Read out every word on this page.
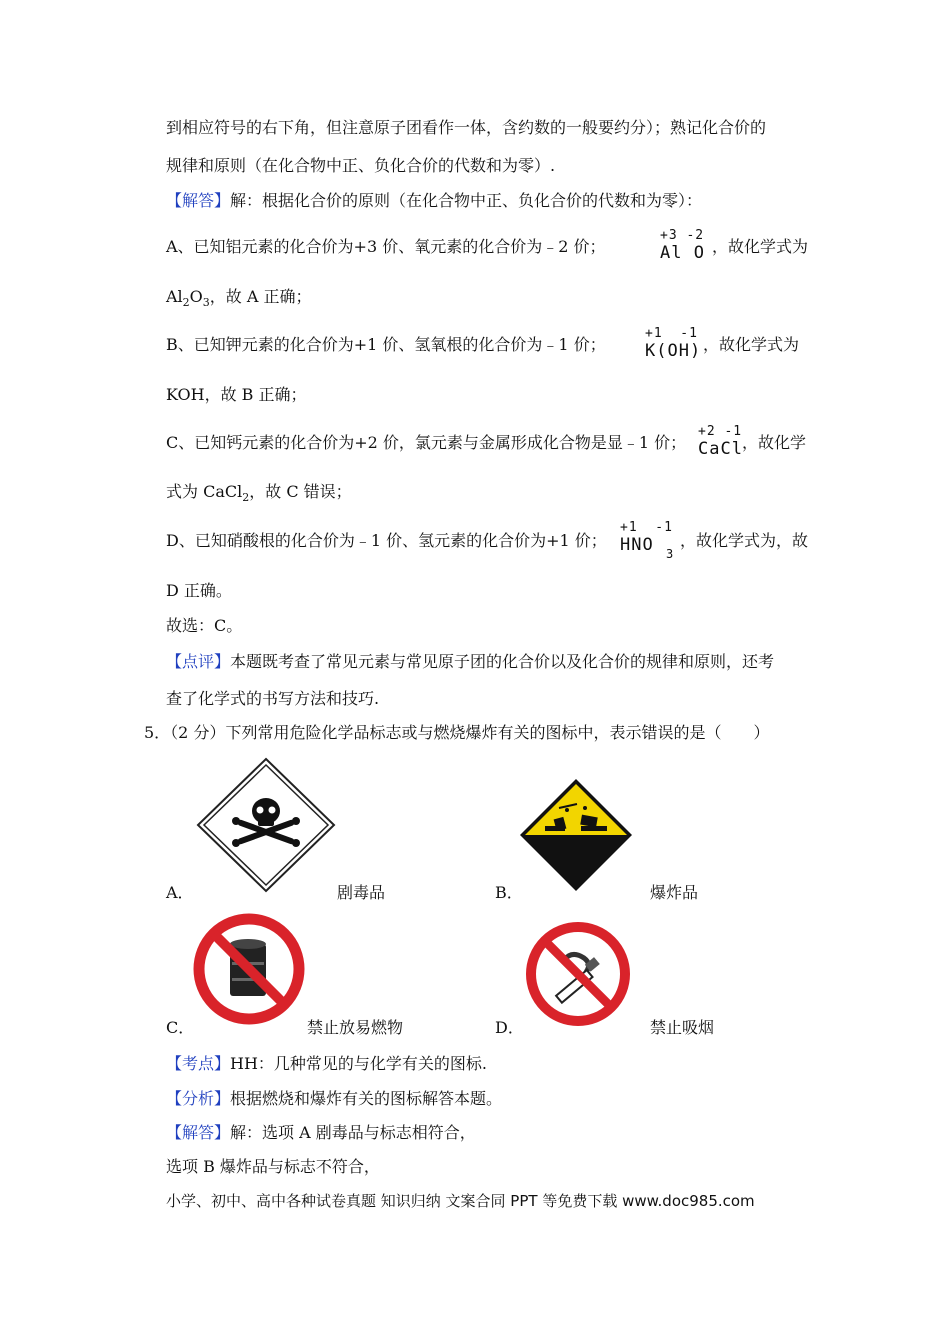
到相应符号的右下角，但注意原子团看作一体，含约数的一般要约分）；熟记化合价的
规律和原则（在化合物中正、负化合价的代数和为零）.
【解答】解：根据化合价的原则（在化合物中正、负化合价的代数和为零）：
A、已知铝元素的化合价为+3 价、氧元素的化合价为﹣2 价；
+3 -2
Al O ，故化学式为
$Al_2O_3$，故 A 正确；
B、已知钾元素的化合价为+1 价、氢氧根的化合价为﹣1 价；
+1  -1
K(OH) ，故化学式为
KOH，故 B 正确；
C、已知钙元素的化合价为+2 价，氯元素与金属形成化合物是显﹣1 价；
+2 -1
CaCl ，故化学
式为 CaCl$_2$，故 C 错误；
D、已知硝酸根的化合价为﹣1 价、氢元素的化合价为+1 价；
+1  -1
HNO 3
，故化学式为，故
D 正确。
故选：C。
【点评】本题既考查了常见元素与常见原子团的化合价以及化合价的规律和原则，还考
查了化学式的书写方法和技巧.
5．（2 分）下列常用危险化学品标志或与燃烧爆炸有关的图标中，表示错误的是（　　）
A．	剧毒品	B．	爆炸品
C．	禁止放易燃物	D．	禁止吸烟
【考点】HH：几种常见的与化学有关的图标.
【分析】根据燃烧和爆炸有关的图标解答本题。
【解答】解：选项 A 剧毒品与标志相符合，
选项 B 爆炸品与标志不符合，
小学、初中、高中各种试卷真题 知识归纳 文案合同 PPT 等免费下载 www.doc985.com
